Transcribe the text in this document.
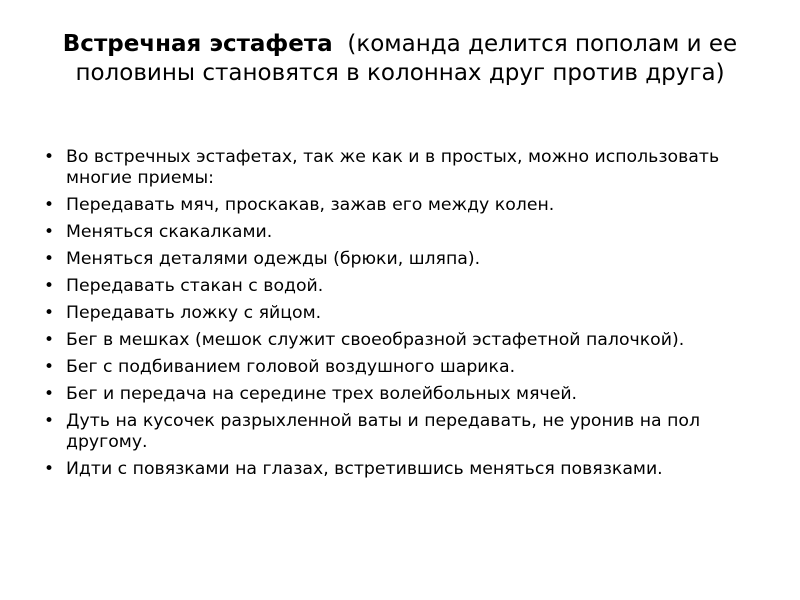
Встречная эстафета (команда делится пополам и ее половины становятся в колоннах друг против друга)
• Во встречных эстафетах, так же как и в простых, можно использовать многие приемы:
• Передавать мяч, проскакав, зажав его между колен.
• Меняться скакалками.
• Меняться деталями одежды (брюки, шляпа).
• Передавать стакан с водой.
• Передавать ложку с яйцом.
• Бег в мешках (мешок служит своеобразной эстафетной палочкой).
• Бег с подбиванием головой воздушного шарика.
• Бег и передача на середине трех волейбольных мячей.
• Дуть на кусочек разрыхленной ваты и передавать, не уронив на пол другому.
• Идти с повязками на глазах, встретившись меняться повязками.
